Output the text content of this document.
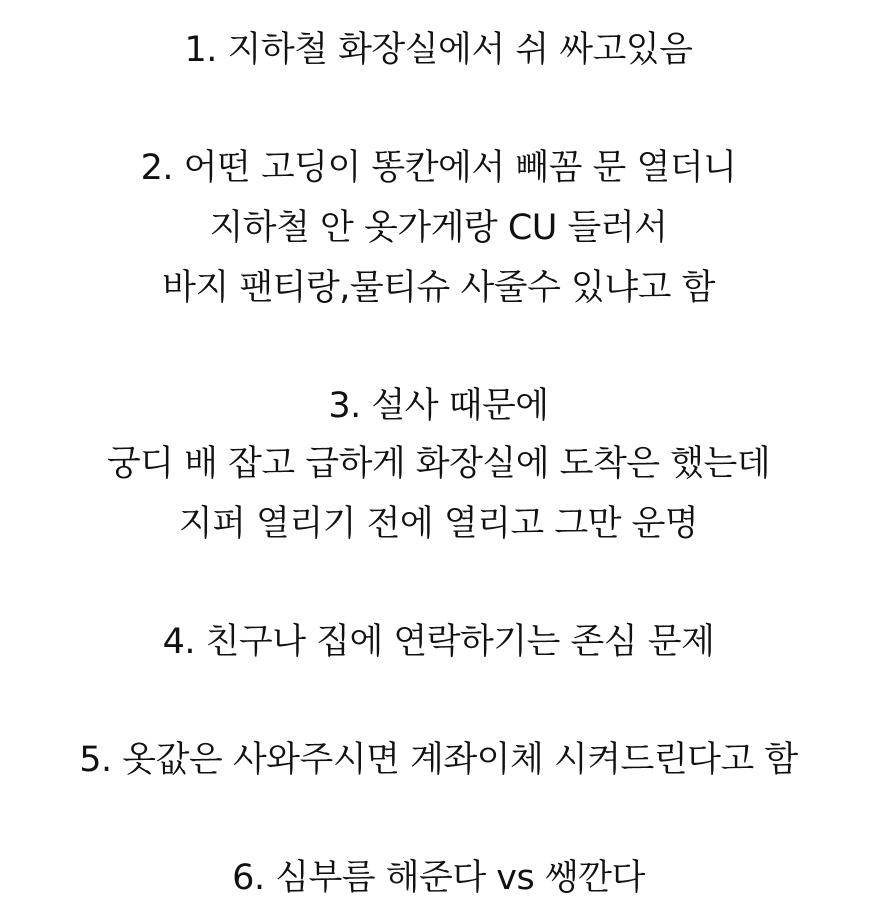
1. 지하철 화장실에서 쉬 싸고있음
2. 어떤 고딩이 똥칸에서 빼꼼 문 열더니
지하철 안 옷가게랑 CU 들러서
바지 팬티랑,물티슈 사줄수 있냐고 함
3. 설사 때문에
궁디 배 잡고 급하게 화장실에 도착은 했는데
지퍼 열리기 전에 열리고 그만 운명
4. 친구나 집에 연락하기는 존심 문제
5. 옷값은 사와주시면 계좌이체 시켜드린다고 함
6. 심부름 해준다 vs 쌩깐다
